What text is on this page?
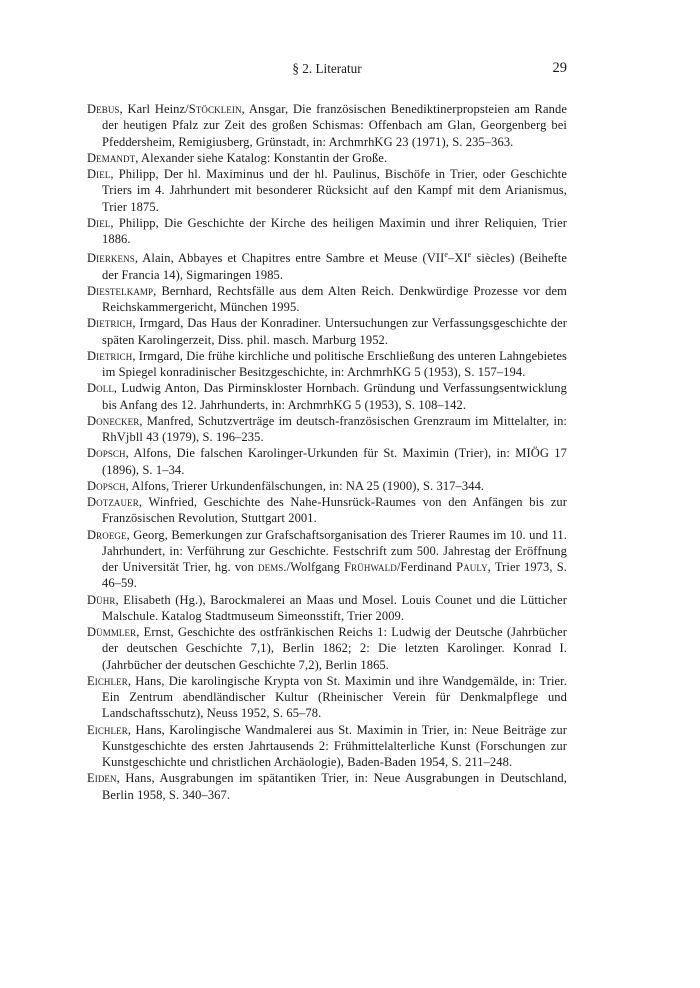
§ 2. Literatur	29
Debus, Karl Heinz/Stöcklein, Ansgar, Die französischen Benediktinerpropsteien am Rande der heutigen Pfalz zur Zeit des großen Schismas: Offenbach am Glan, Georgenberg bei Pfeddersheim, Remigiusberg, Grünstadt, in: ArchmrhKG 23 (1971), S. 235–363.
Demandt, Alexander siehe Katalog: Konstantin der Große.
Diel, Philipp, Der hl. Maximinus und der hl. Paulinus, Bischöfe in Trier, oder Geschichte Triers im 4. Jahrhundert mit besonderer Rücksicht auf den Kampf mit dem Arianismus, Trier 1875.
Diel, Philipp, Die Geschichte der Kirche des heiligen Maximin und ihrer Reliquien, Trier 1886.
Dierkens, Alain, Abbayes et Chapitres entre Sambre et Meuse (VIIe–XIe siècles) (Beihefte der Francia 14), Sigmaringen 1985.
Diestelkamp, Bernhard, Rechtsfälle aus dem Alten Reich. Denkwürdige Prozesse vor dem Reichskammergericht, München 1995.
Dietrich, Irmgard, Das Haus der Konradiner. Untersuchungen zur Verfassungsgeschichte der späten Karolingerzeit, Diss. phil. masch. Marburg 1952.
Dietrich, Irmgard, Die frühe kirchliche und politische Erschließung des unteren Lahngebietes im Spiegel konradinischer Besitzgeschichte, in: ArchmrhKG 5 (1953), S. 157–194.
Doll, Ludwig Anton, Das Pirminskloster Hornbach. Gründung und Verfassungsentwicklung bis Anfang des 12. Jahrhunderts, in: ArchmrhKG 5 (1953), S. 108–142.
Donecker, Manfred, Schutzverträge im deutsch-französischen Grenzraum im Mittelalter, in: RhVjbll 43 (1979), S. 196–235.
Dopsch, Alfons, Die falschen Karolinger-Urkunden für St. Maximin (Trier), in: MIÖG 17 (1896), S. 1–34.
Dopsch, Alfons, Trierer Urkundenfälschungen, in: NA 25 (1900), S. 317–344.
Dotzauer, Winfried, Geschichte des Nahe-Hunsrück-Raumes von den Anfängen bis zur Französischen Revolution, Stuttgart 2001.
Droege, Georg, Bemerkungen zur Grafschaftsorganisation des Trierer Raumes im 10. und 11. Jahrhundert, in: Verführung zur Geschichte. Festschrift zum 500. Jahrestag der Eröffnung der Universität Trier, hg. von dems./Wolfgang Frühwald/Ferdinand Pauly, Trier 1973, S. 46–59.
Dühr, Elisabeth (Hg.), Barockmalerei an Maas und Mosel. Louis Counet und die Lütticher Malschule. Katalog Stadtmuseum Simeonsstift, Trier 2009.
Dümmler, Ernst, Geschichte des ostfränkischen Reichs 1: Ludwig der Deutsche (Jahrbücher der deutschen Geschichte 7,1), Berlin 1862; 2: Die letzten Karolinger. Konrad I. (Jahrbücher der deutschen Geschichte 7,2), Berlin 1865.
Eichler, Hans, Die karolingische Krypta von St. Maximin und ihre Wandgemälde, in: Trier. Ein Zentrum abendländischer Kultur (Rheinischer Verein für Denkmalpflege und Landschaftsschutz), Neuss 1952, S. 65–78.
Eichler, Hans, Karolingische Wandmalerei aus St. Maximin in Trier, in: Neue Beiträge zur Kunstgeschichte des ersten Jahrtausends 2: Frühmittelalterliche Kunst (Forschungen zur Kunstgeschichte und christlichen Archäologie), Baden-Baden 1954, S. 211–248.
Eiden, Hans, Ausgrabungen im spätantiken Trier, in: Neue Ausgrabungen in Deutschland, Berlin 1958, S. 340–367.
